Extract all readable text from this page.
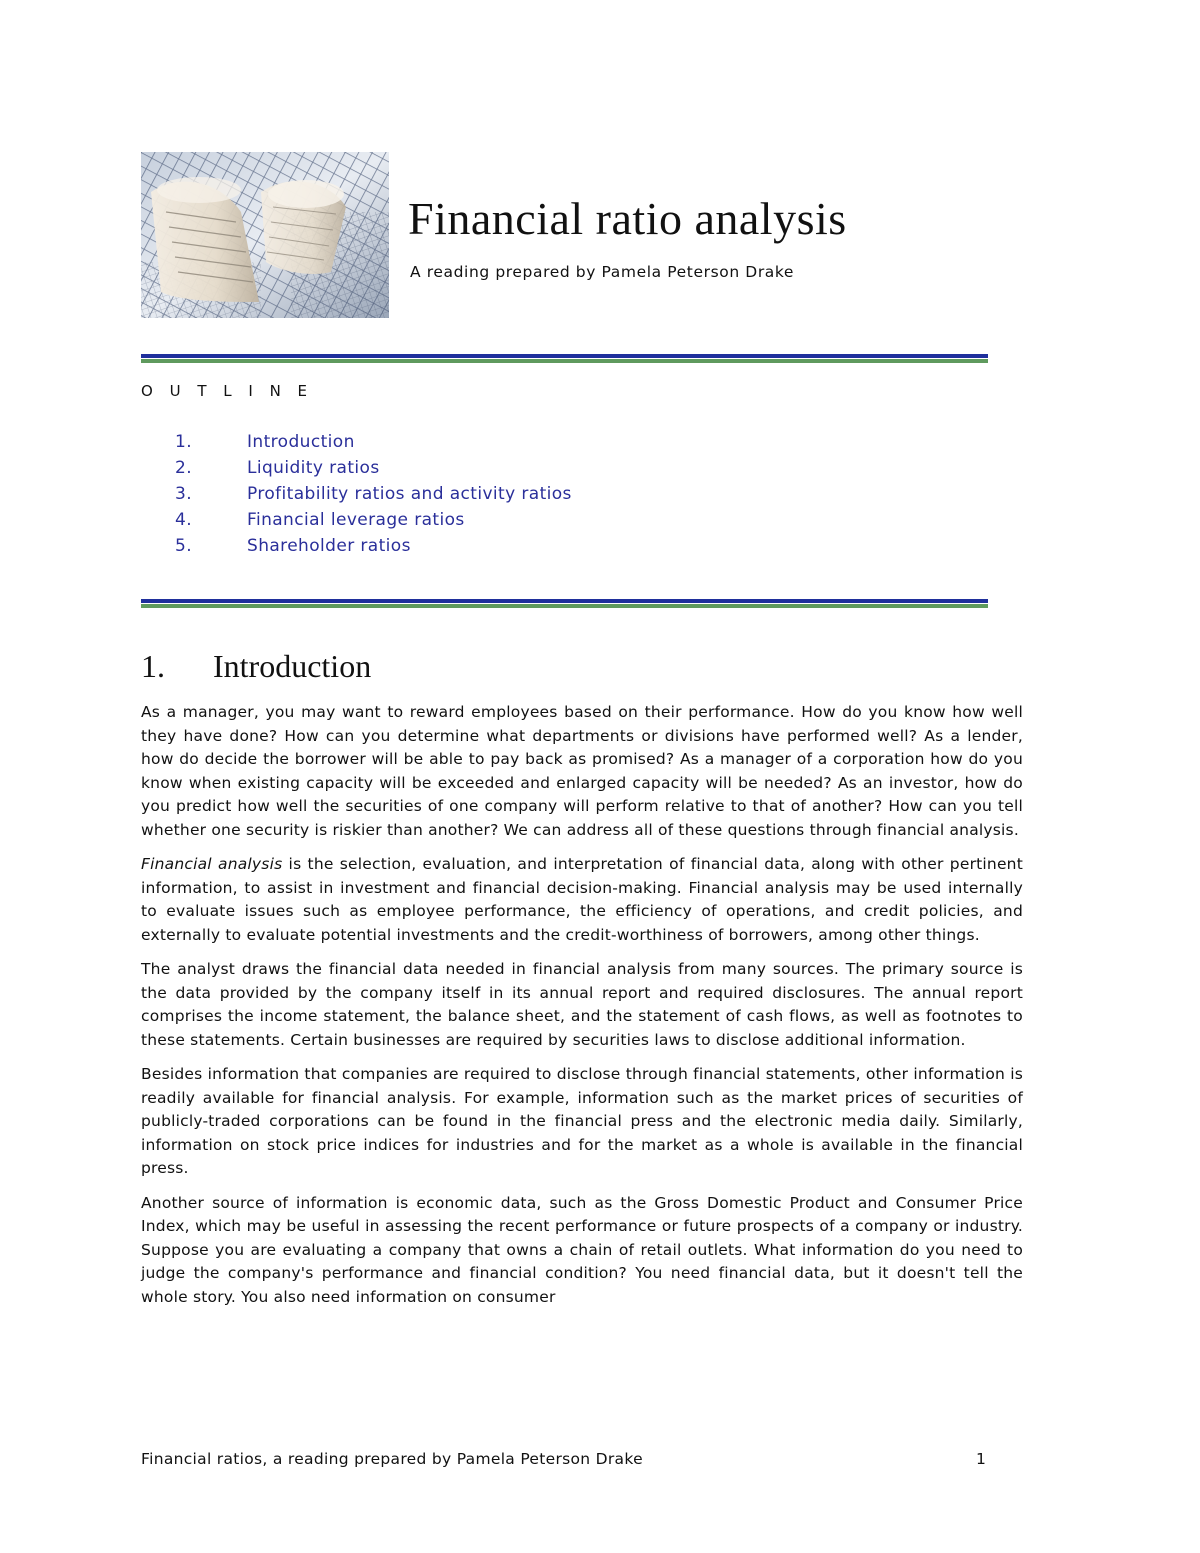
Financial ratio analysis

A reading prepared by Pamela Peterson Drake

O U T L I N E
1.	Introduction
2.	Liquidity ratios
3.	Profitability ratios and activity ratios
4.	Financial leverage ratios
5.	Shareholder ratios
1. Introduction

As a manager, you may want to reward employees based on their performance. How do you know how well they have done? How can you determine what departments or divisions have performed well? As a lender, how do decide the borrower will be able to pay back as promised? As a manager of a corporation how do you know when existing capacity will be exceeded and enlarged capacity will be needed? As an investor, how do you predict how well the securities of one company will perform relative to that of another? How can you tell whether one security is riskier than another? We can address all of these questions through financial analysis.

Financial analysis is the selection, evaluation, and interpretation of financial data, along with other pertinent information, to assist in investment and financial decision-making. Financial analysis may be used internally to evaluate issues such as employee performance, the efficiency of operations, and credit policies, and externally to evaluate potential investments and the credit-worthiness of borrowers, among other things.

The analyst draws the financial data needed in financial analysis from many sources. The primary source is the data provided by the company itself in its annual report and required disclosures. The annual report comprises the income statement, the balance sheet, and the statement of cash flows, as well as footnotes to these statements. Certain businesses are required by securities laws to disclose additional information.

Besides information that companies are required to disclose through financial statements, other information is readily available for financial analysis. For example, information such as the market prices of securities of publicly-traded corporations can be found in the financial press and the electronic media daily. Similarly, information on stock price indices for industries and for the market as a whole is available in the financial press.

Another source of information is economic data, such as the Gross Domestic Product and Consumer Price Index, which may be useful in assessing the recent performance or future prospects of a company or industry. Suppose you are evaluating a company that owns a chain of retail outlets. What information do you need to judge the company's performance and financial condition? You need financial data, but it doesn't tell the whole story. You also need information on consumer

Financial ratios, a reading prepared by Pamela Peterson Drake	1
